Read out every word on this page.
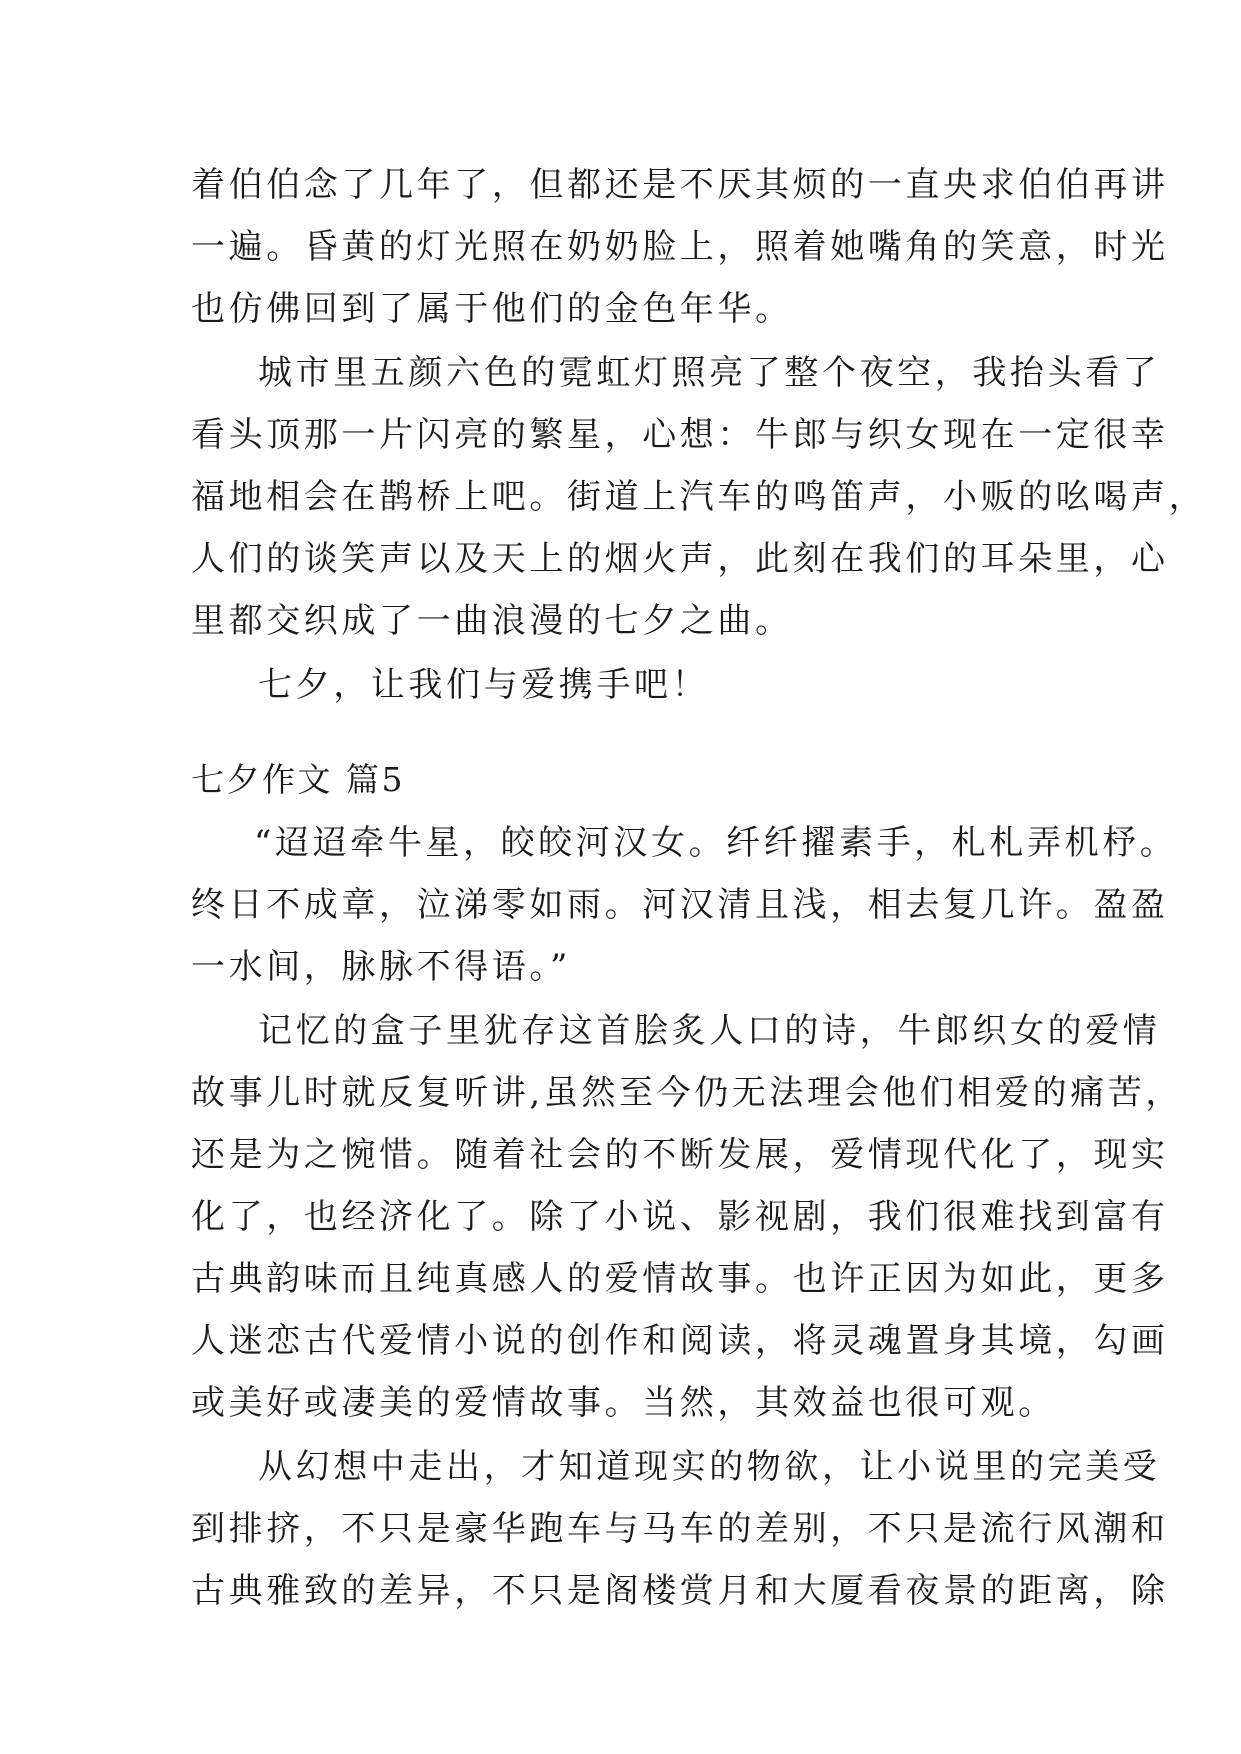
着伯伯念了几年了，但都还是不厌其烦的一直央求伯伯再讲
一遍。昏黄的灯光照在奶奶脸上，照着她嘴角的笑意，时光
也仿佛回到了属于他们的金色年华。
城市里五颜六色的霓虹灯照亮了整个夜空，我抬头看了
看头顶那一片闪亮的繁星，心想：牛郎与织女现在一定很幸
福地相会在鹊桥上吧。街道上汽车的鸣笛声，小贩的吆喝声，
人们的谈笑声以及天上的烟火声，此刻在我们的耳朵里，心
里都交织成了一曲浪漫的七夕之曲。
七夕，让我们与爱携手吧！
七夕作文 篇5
“迢迢牵牛星，皎皎河汉女。纤纤擢素手，札札弄机杼。
终日不成章，泣涕零如雨。河汉清且浅，相去复几许。盈盈
一水间，脉脉不得语。”
记忆的盒子里犹存这首脍炙人口的诗，牛郎织女的爱情
故事儿时就反复听讲,虽然至今仍无法理会他们相爱的痛苦，
还是为之惋惜。随着社会的不断发展，爱情现代化了，现实
化了，也经济化了。除了小说、影视剧，我们很难找到富有
古典韵味而且纯真感人的爱情故事。也许正因为如此，更多
人迷恋古代爱情小说的创作和阅读，将灵魂置身其境，勾画
或美好或凄美的爱情故事。当然，其效益也很可观。
从幻想中走出，才知道现实的物欲，让小说里的完美受
到排挤，不只是豪华跑车与马车的差别，不只是流行风潮和
古典雅致的差异，不只是阁楼赏月和大厦看夜景的距离，除
